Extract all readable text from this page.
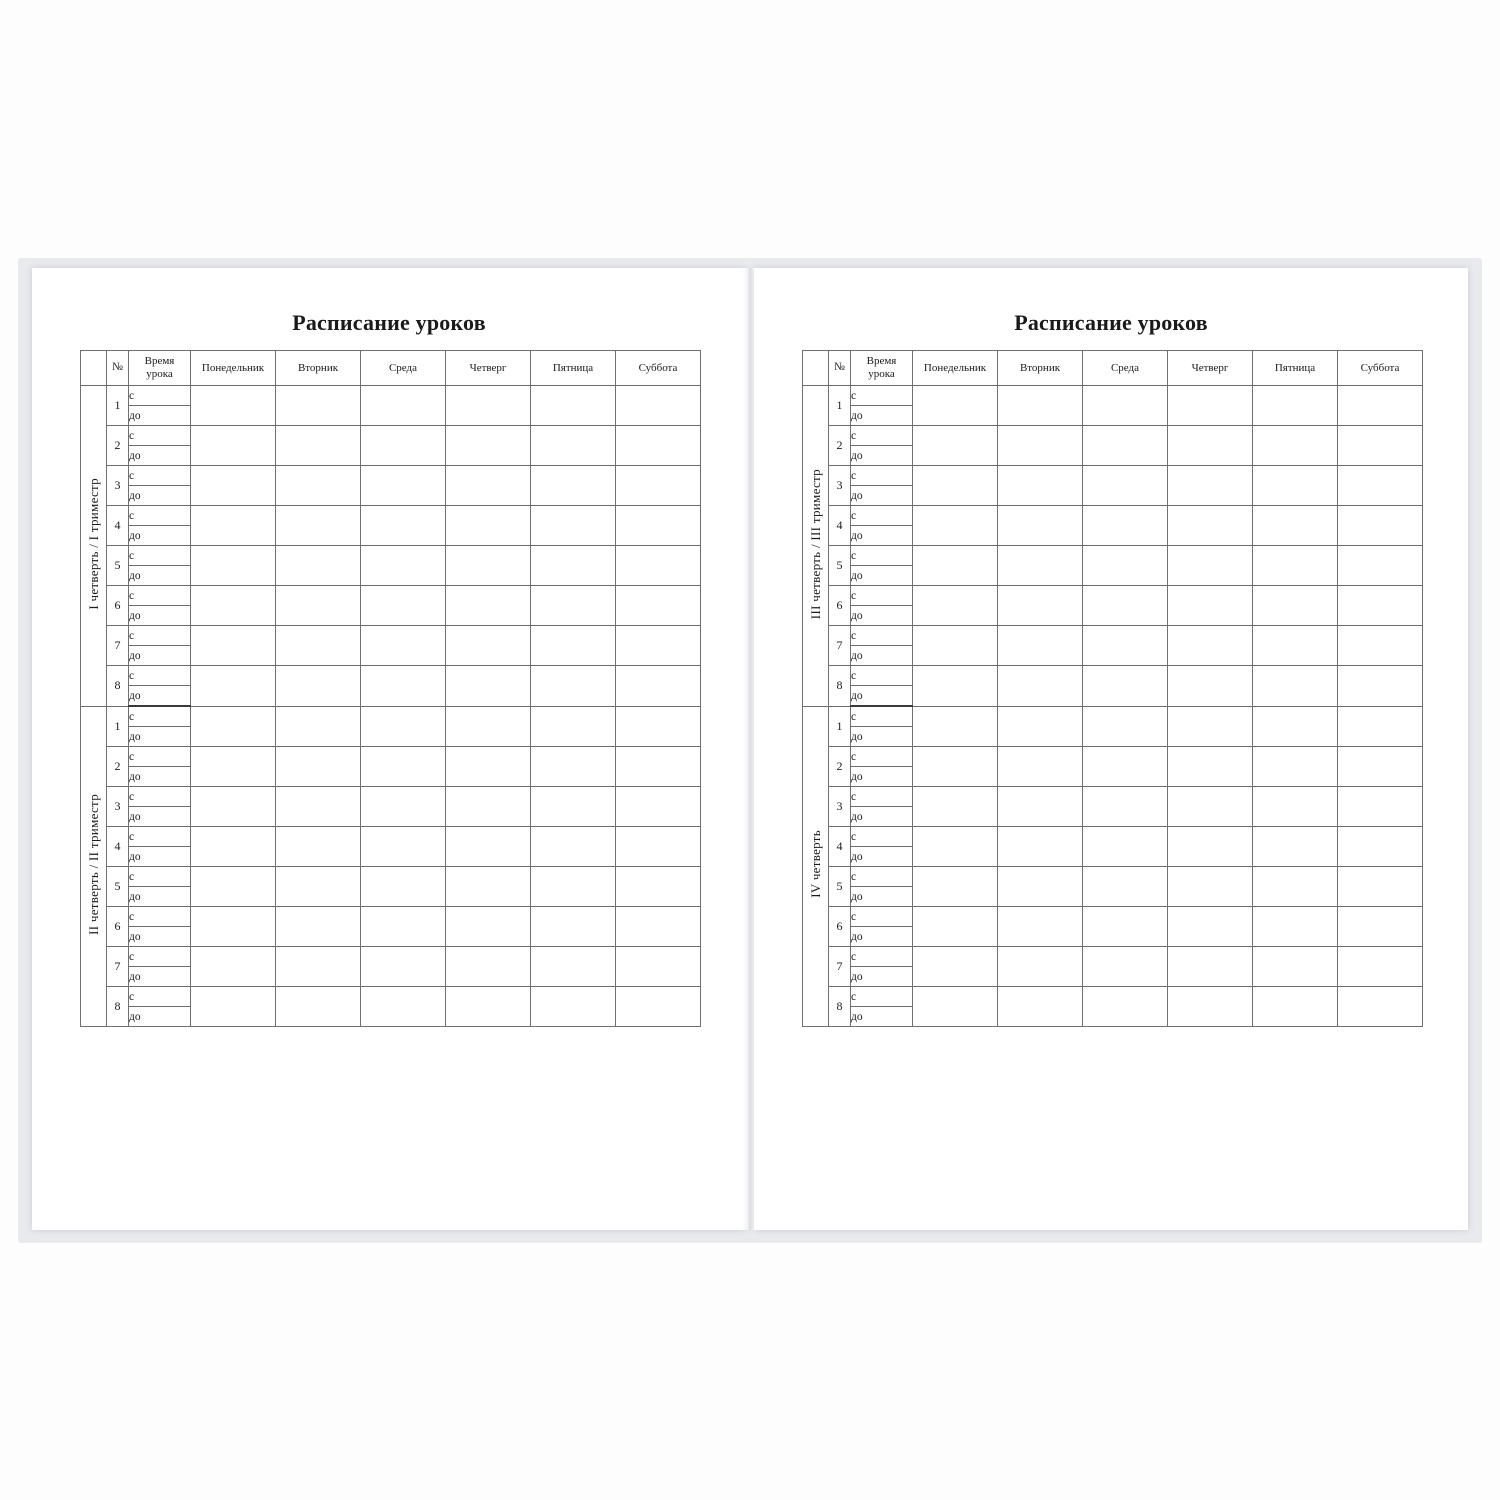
Расписание уроков
	№	Время
урока	Понедельник	Вторник	Среда	Четверг	Пятница	Суббота
I четверть / I триместр	1	с						
		до						
	2	с						
		до						
	3	с						
		до						
	4	с						
		до						
	5	с						
		до						
	6	с						
		до						
	7	с						
		до						
	8	с						
		до						
II четверть / II триместр	1	с						
		до						
	2	с						
		до						
	3	с						
		до						
	4	с						
		до						
	5	с						
		до						
	6	с						
		до						
	7	с						
		до						
	8	с						
		до						
Расписание уроков
	№	Время
урока	Понедельник	Вторник	Среда	Четверг	Пятница	Суббота
III четверть / III триместр	1	с						
		до						
	2	с						
		до						
	3	с						
		до						
	4	с						
		до						
	5	с						
		до						
	6	с						
		до						
	7	с						
		до						
	8	с						
		до						
IV четверть	1	с						
		до						
	2	с						
		до						
	3	с						
		до						
	4	с						
		до						
	5	с						
		до						
	6	с						
		до						
	7	с						
		до						
	8	с						
		до						
